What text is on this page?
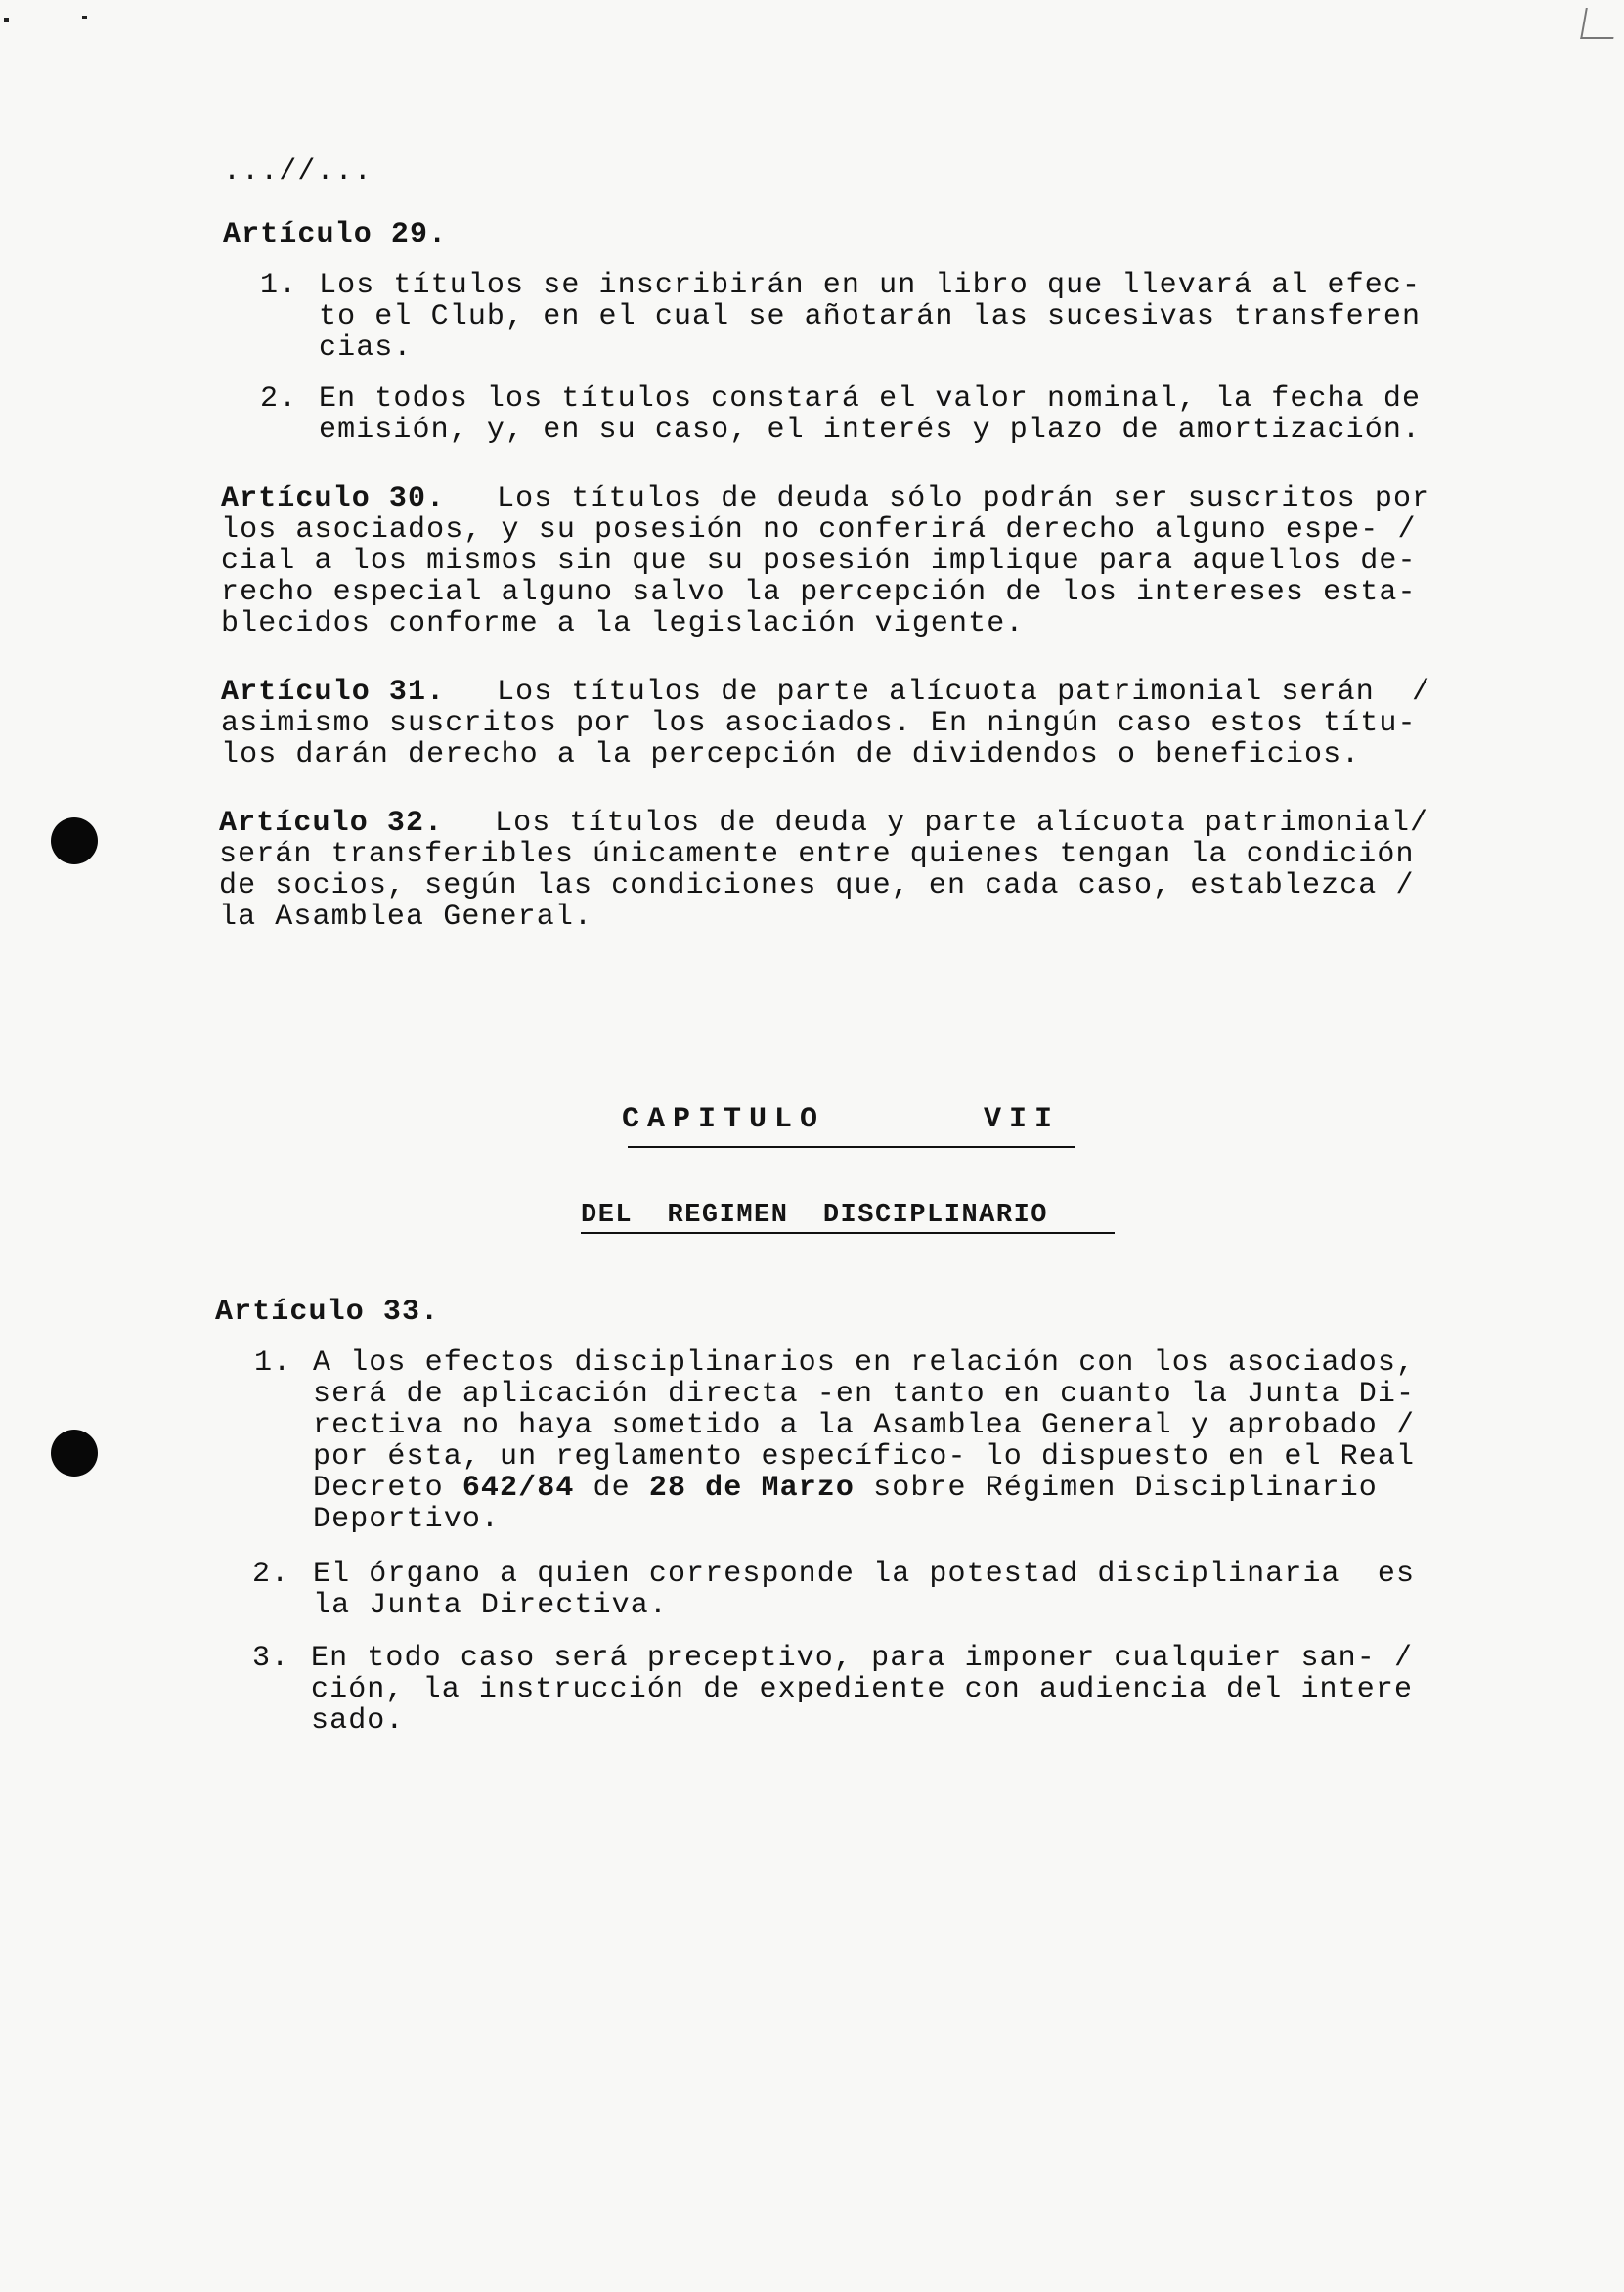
...//...
Artículo 29.
1. Los títulos se inscribirán en un libro que llevará al efec-
to el Club, en el cual se añotarán las sucesivas transferen
cias.
2. En todos los títulos constará el valor nominal, la fecha de
emisión, y, en su caso, el interés y plazo de amortización.
Artículo 30. Los títulos de deuda sólo podrán ser suscritos por
los asociados, y su posesión no conferirá derecho alguno espe- /
cial a los mismos sin que su posesión implique para aquellos de-
recho especial alguno salvo la percepción de los intereses esta-
blecidos conforme a la legislación vigente.
Artículo 31. Los títulos de parte alícuota patrimonial serán  /
asimismo suscritos por los asociados. En ningún caso estos títu-
los darán derecho a la percepción de dividendos o beneficios.
Artículo 32. Los títulos de deuda y parte alícuota patrimonial/
serán transferibles únicamente entre quienes tengan la condición
de socios, según las condiciones que, en cada caso, establezca /
la Asamblea General.
CAPITULO	VII
DEL  REGIMEN  DISCIPLINARIO
Artículo 33.
1. A los efectos disciplinarios en relación con los asociados,
será de aplicación directa -en tanto en cuanto la Junta Di-
rectiva no haya sometido a la Asamblea General y aprobado /
por ésta, un reglamento específico- lo dispuesto en el Real
Decreto 642/84 de 28 de Marzo sobre Régimen Disciplinario
Deportivo.
2. El órgano a quien corresponde la potestad disciplinaria  es
la Junta Directiva.
3. En todo caso será preceptivo, para imponer cualquier san- /
ción, la instrucción de expediente con audiencia del intere
sado.
